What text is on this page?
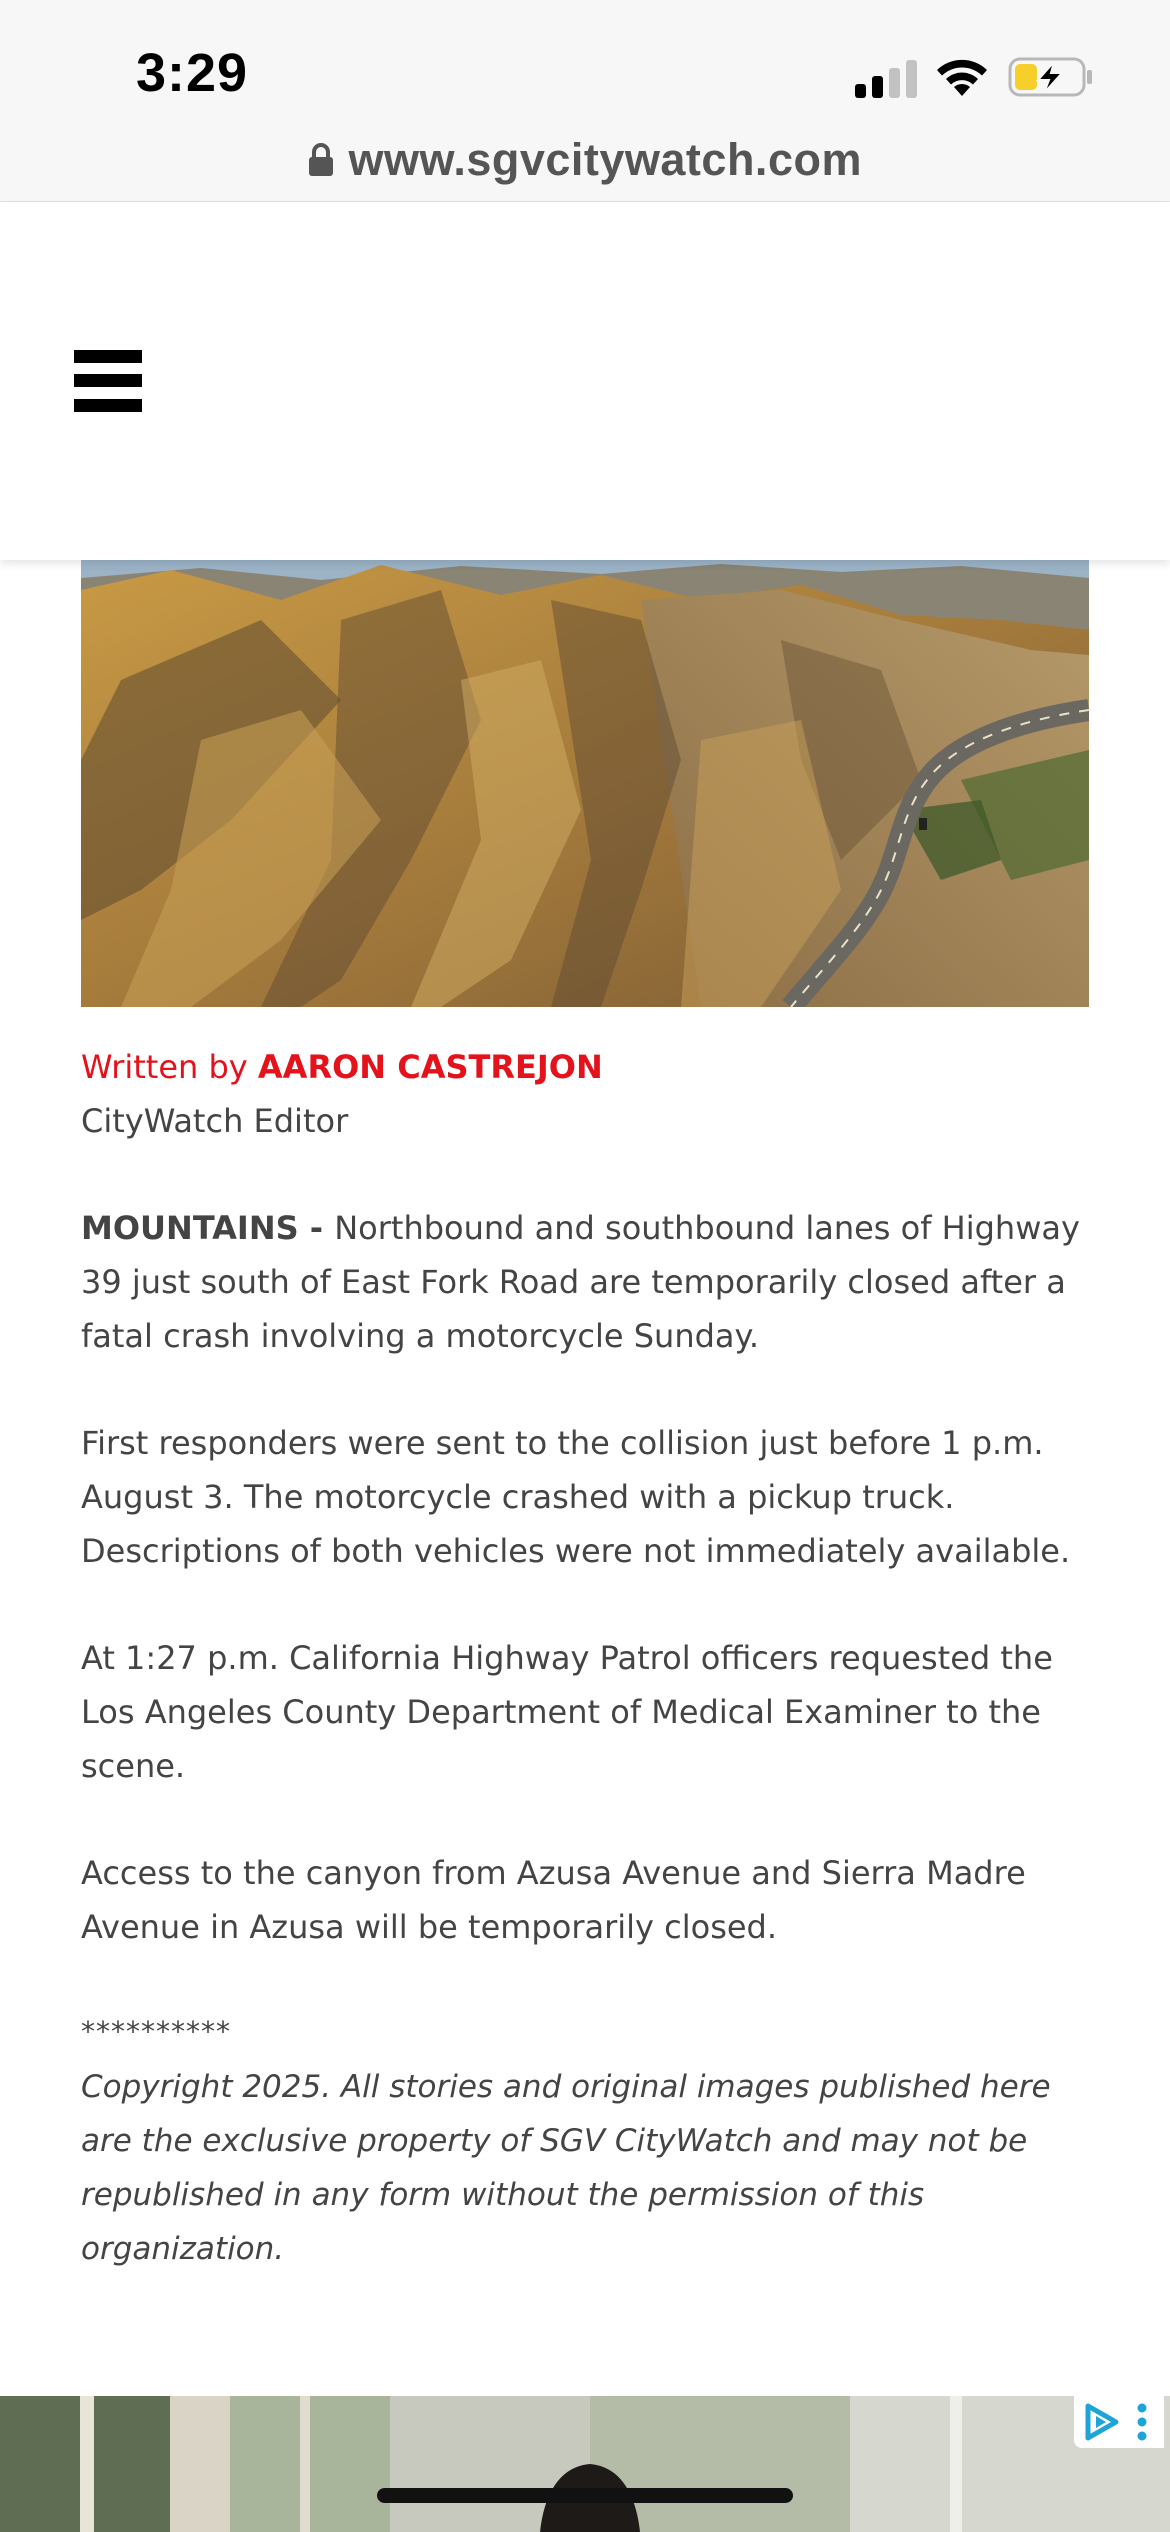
3:29
www.sgvcitywatch.com
Written by AARON CASTREJON
CityWatch Editor

MOUNTAINS - Northbound and southbound lanes of Highway 39 just south of East Fork Road are temporarily closed after a fatal crash involving a motorcycle Sunday.

First responders were sent to the collision just before 1 p.m. August 3. The motorcycle crashed with a pickup truck. Descriptions of both vehicles were not immediately available.

At 1:27 p.m. California Highway Patrol officers requested the Los Angeles County Department of Medical Examiner to the scene.

Access to the canyon from Azusa Avenue and Sierra Madre Avenue in Azusa will be temporarily closed.

**********

Copyright 2025. All stories and original images published here are the exclusive property of SGV CityWatch and may not be republished in any form without the permission of this organization.
